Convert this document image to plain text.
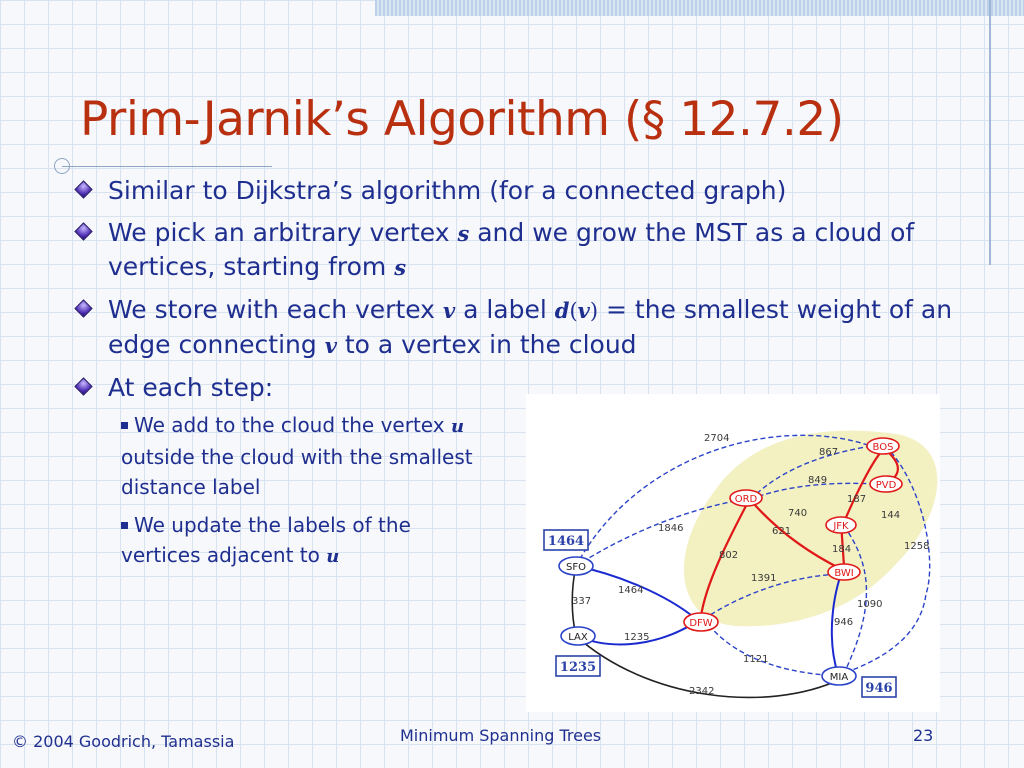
Prim-Jarnik’s Algorithm (§ 12.7.2)
Similar to Dijkstra’s algorithm (for a connected graph)
We pick an arbitrary vertex s and we grow the MST as a cloud of vertices, starting from s
We store with each vertex v a label d(v) = the smallest weight of an edge connecting v to a vertex in the cloud
At each step:
We add to the cloud the vertex u outside the cloud with the smallest distance label
We update the labels of the vertices adjacent to u
2704
867
849
187
144
740
621
1846
184
802
1258
1391
1464
337	1090
946
1235
1121
2342
BOS
PVD
ORD
JFK
BWI
SFO
DFW
LAX
MIA
1464
1235
946
© 2004 Goodrich, Tamassia	Minimum Spanning Trees	23
